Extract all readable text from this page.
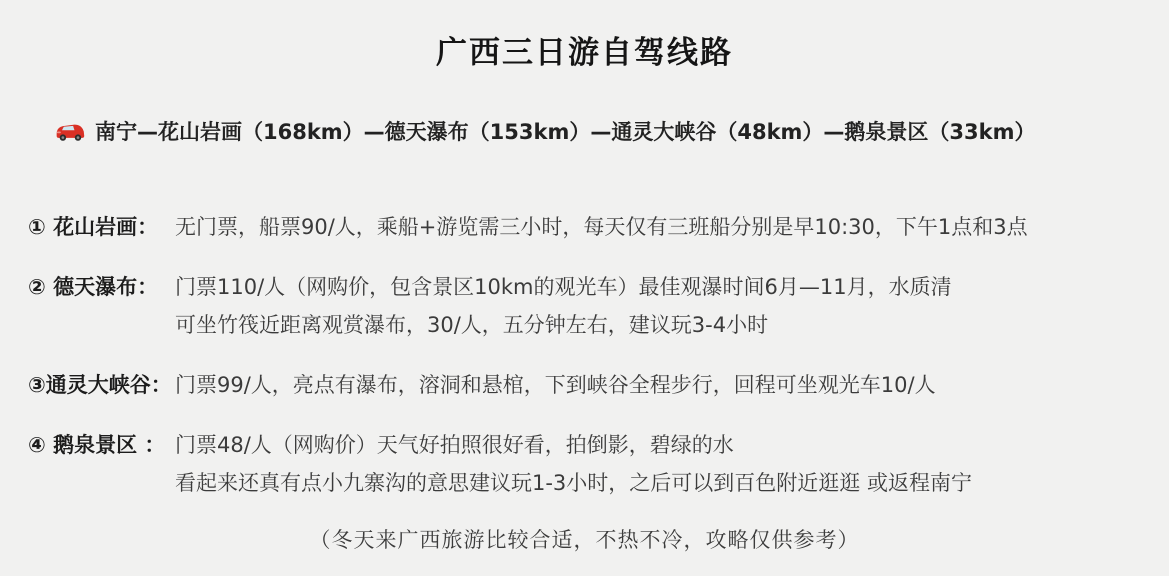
广西三日游自驾线路
南宁—花山岩画（168km）—德天瀑布（153km）—通灵大峡谷（48km）—鹅泉景区（33km）
① 花山岩画： 无门票，船票90/人，乘船+游览需三小时，每天仅有三班船分别是早10:30，下午1点和3点
② 德天瀑布： 门票110/人（网购价，包含景区10km的观光车）最佳观瀑时间6月—11月，水质清
可坐竹筏近距离观赏瀑布，30/人，五分钟左右，建议玩3-4小时
③通灵大峡谷： 门票99/人，亮点有瀑布，溶洞和悬棺，下到峡谷全程步行，回程可坐观光车10/人
④ 鹅泉景区 ： 门票48/人（网购价）天气好拍照很好看，拍倒影，碧绿的水
看起来还真有点小九寨沟的意思建议玩1-3小时，之后可以到百色附近逛逛 或返程南宁
（冬天来广西旅游比较合适，不热不冷，攻略仅供参考）
